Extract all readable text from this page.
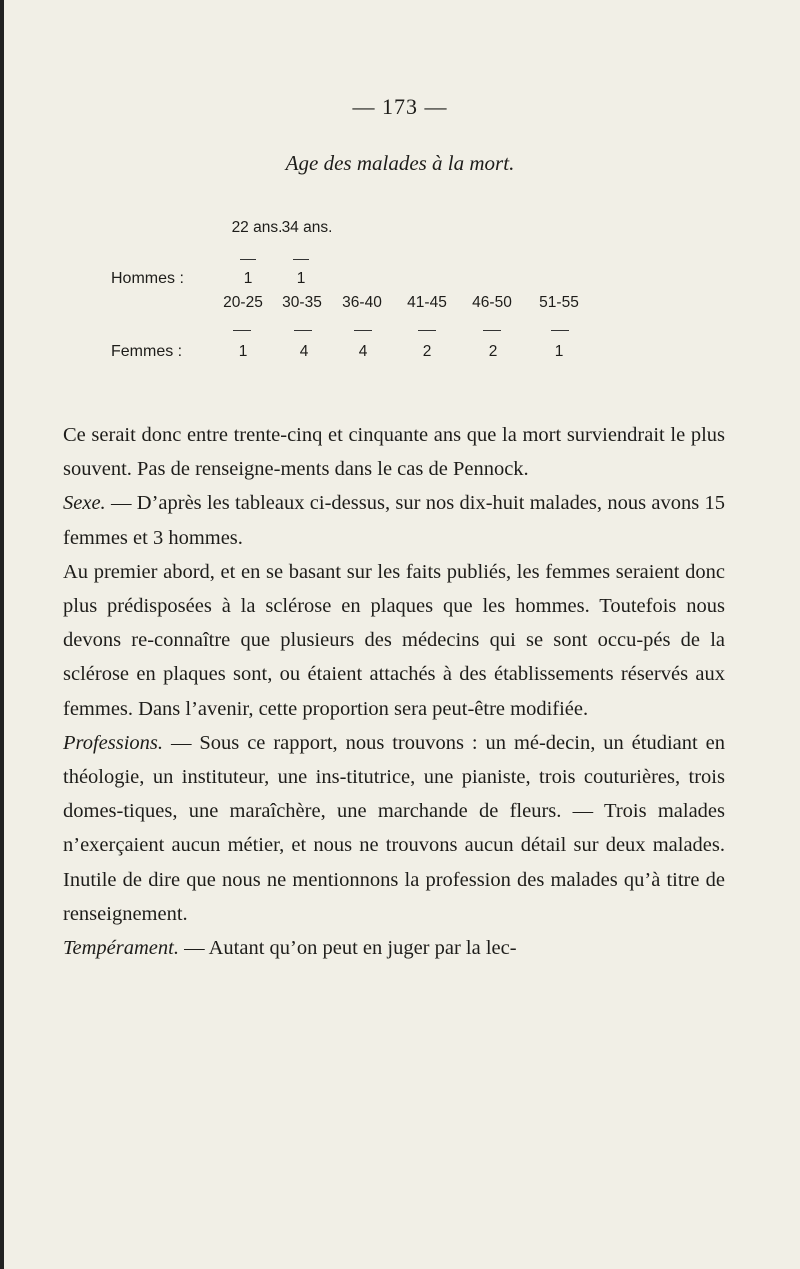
— 173 —
Age des malades à la mort.
22 ans. 34 ans.
Hommes :	1	1
20-25	30-35	36-40	41-45	46-50	51-55
Femmes :	1	4	4	2	2	1

Ce serait donc entre trente-cinq et cinquante ans que la mort surviendrait le plus souvent. Pas de renseigne-ments dans le cas de Pennock.

Sexe. — D’après les tableaux ci-dessus, sur nos dix-huit malades, nous avons 15 femmes et 3 hommes.

Au premier abord, et en se basant sur les faits publiés, les femmes seraient donc plus prédisposées à la sclérose en plaques que les hommes. Toutefois nous devons re-connaître que plusieurs des médecins qui se sont occu-pés de la sclérose en plaques sont, ou étaient attachés à des établissements réservés aux femmes. Dans l’avenir, cette proportion sera peut-être modifiée.

Professions. — Sous ce rapport, nous trouvons : un mé-decin, un étudiant en théologie, un instituteur, une ins-titutrice, une pianiste, trois couturières, trois domes-tiques, une maraîchère, une marchande de fleurs. — Trois malades n’exerçaient aucun métier, et nous ne trouvons aucun détail sur deux malades. Inutile de dire que nous ne mentionnons la profession des malades qu’à titre de renseignement.

Tempérament. — Autant qu’on peut en juger par la lec-
